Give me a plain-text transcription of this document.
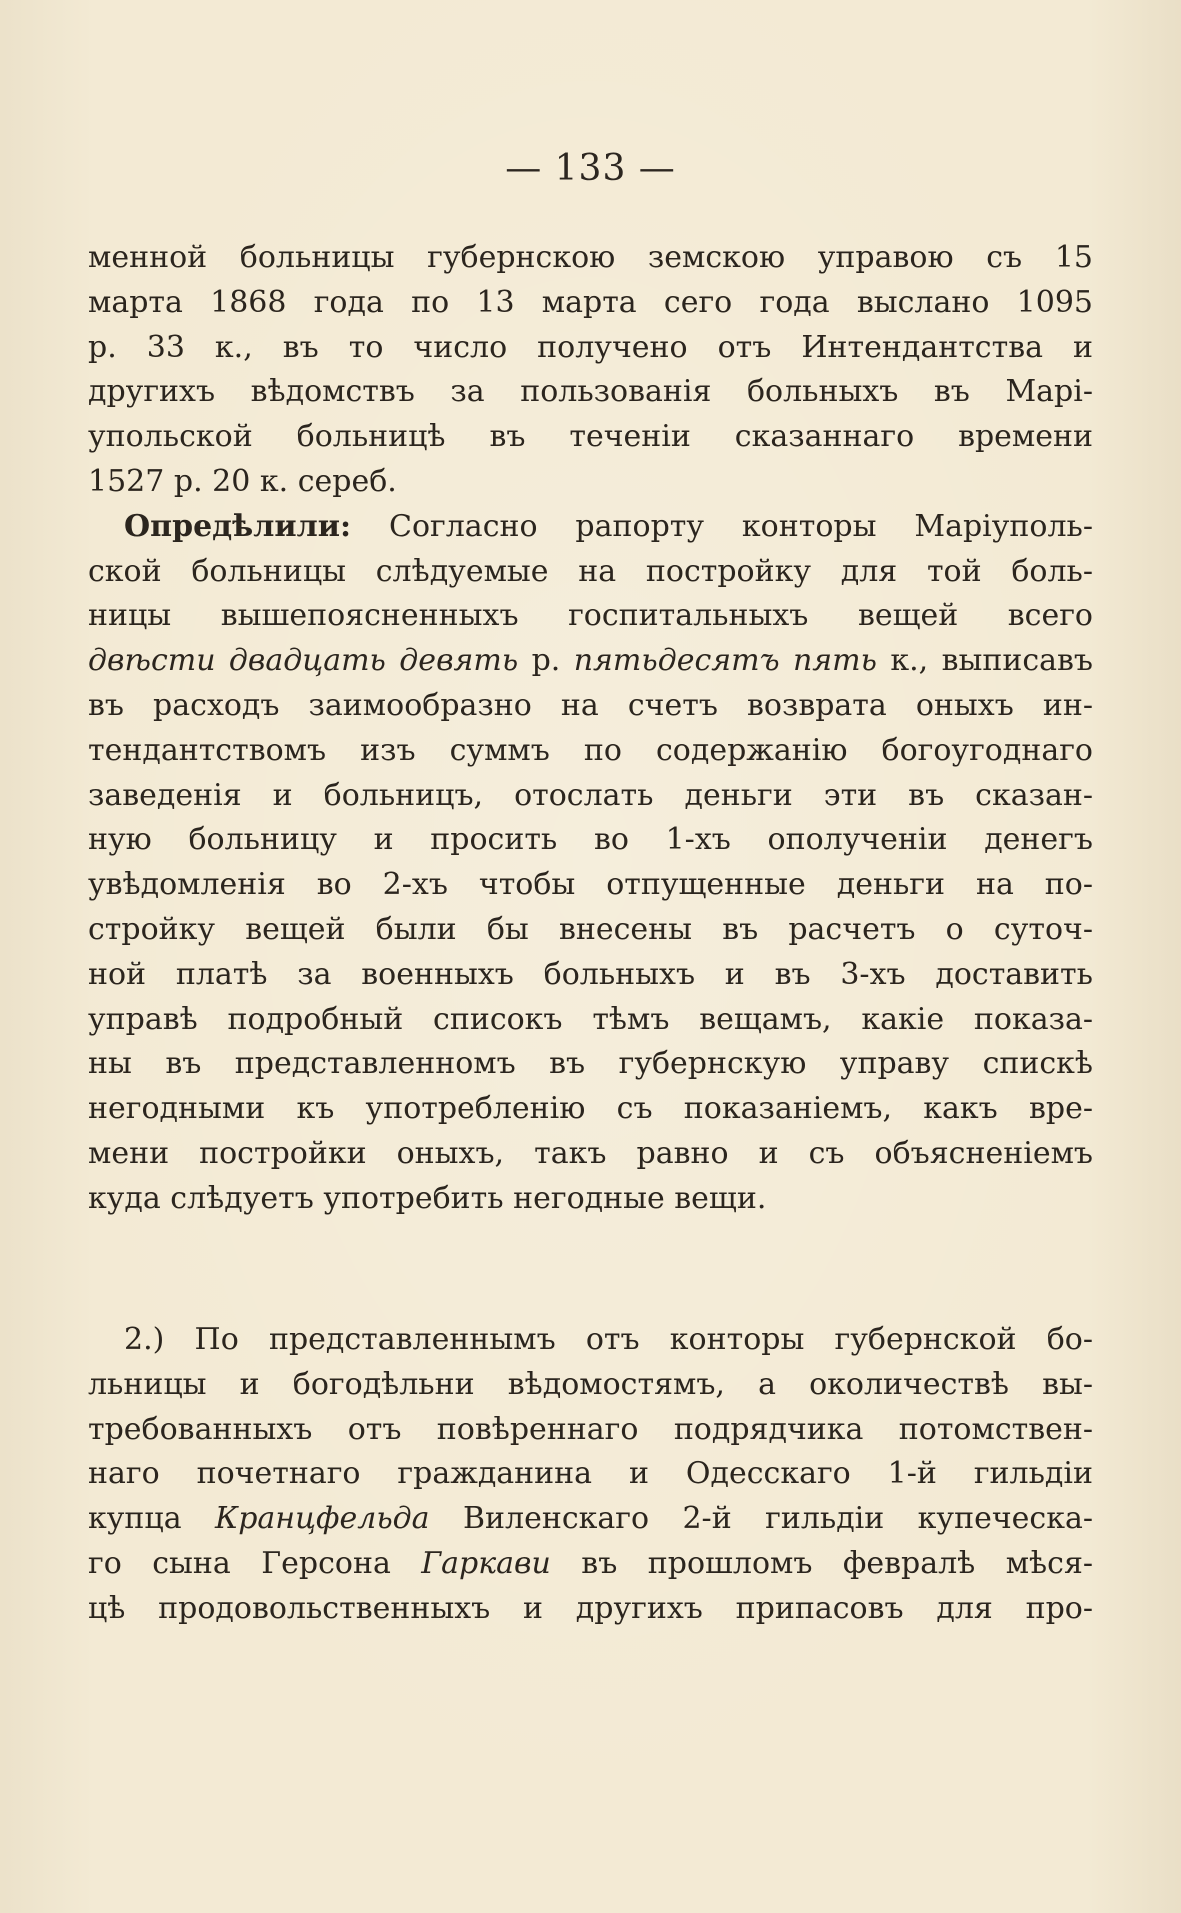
— 133 —
менной больницы губернскою земскою управою съ 15
марта 1868 года по 13 марта сего года выслано 1095
р. 33 к., въ то число получено отъ Интендантства и
другихъ вѣдомствъ за пользованія больныхъ въ Марі-
упольской больницѣ въ теченіи сказаннаго времени
1527 р. 20 к. сереб.
Опредѣлили: Согласно рапорту конторы Маріуполь-
ской больницы слѣдуемые на постройку для той боль-
ницы вышепоясненныхъ госпитальныхъ вещей всего
двѣсти двадцать девять р. пятьдесятъ пять к., выписавъ
въ расходъ заимообразно на счетъ возврата оныхъ ин-
тендантствомъ изъ суммъ по содержанію богоугоднаго
заведенія и больницъ, отослать деньги эти въ сказан-
ную больницу и просить во 1-хъ ополученіи денегъ
увѣдомленія во 2-хъ чтобы отпущенные деньги на по-
стройку вещей были бы внесены въ расчетъ о суточ-
ной платѣ за военныхъ больныхъ и въ 3-хъ доставить
управѣ подробный списокъ тѣмъ вещамъ, какіе показа-
ны въ представленномъ въ губернскую управу спискѣ
негодными къ употребленію съ показаніемъ, какъ вре-
мени постройки оныхъ, такъ равно и съ объясненіемъ
куда слѣдуетъ употребить негодные вещи.
2.) По представленнымъ отъ конторы губернской бо-
льницы и богодѣльни вѣдомостямъ, а околичествѣ вы-
требованныхъ отъ повѣреннаго подрядчика потомствен-
наго почетнаго гражданина и Одесскаго 1-й гильдіи
купца Кранцфельда Виленскаго 2-й гильдіи купеческа-
го сына Герсона Гаркави въ прошломъ февралѣ мѣся-
цѣ продовольственныхъ и другихъ припасовъ для про-
